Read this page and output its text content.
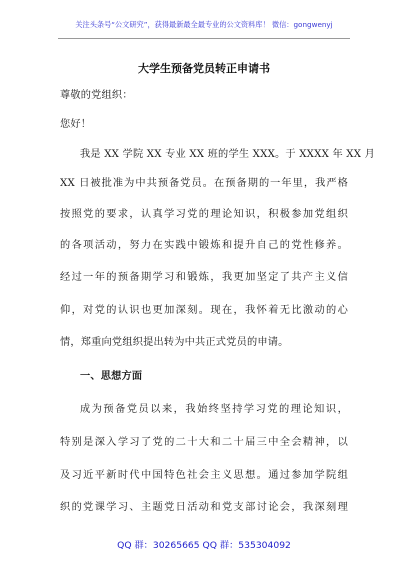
关注头条号“公文研究”，获得最新最全最专业的公文资料库！ 微信：gongwenyj
大学生预备党员转正申请书
尊敬的党组织：
您好！
我是 XX 学院 XX 专业 XX 班的学生 XXX。于 XXXX 年 XX 月
XX 日被批准为中共预备党员。在预备期的一年里，我严格
按照党的要求，认真学习党的理论知识，积极参加党组织
的各项活动，努力在实践中锻炼和提升自己的党性修养。
经过一年的预备期学习和锻炼，我更加坚定了共产主义信
仰，对党的认识也更加深刻。现在，我怀着无比激动的心
情，郑重向党组织提出转为中共正式党员的申请。
一、思想方面
成为预备党员以来，我始终坚持学习党的理论知识，
特别是深入学习了党的二十大和二十届三中全会精神，以
及习近平新时代中国特色社会主义思想。通过参加学院组
织的党课学习、主题党日活动和党支部讨论会，我深刻理
QQ 群：30265665 QQ 群：535304092
